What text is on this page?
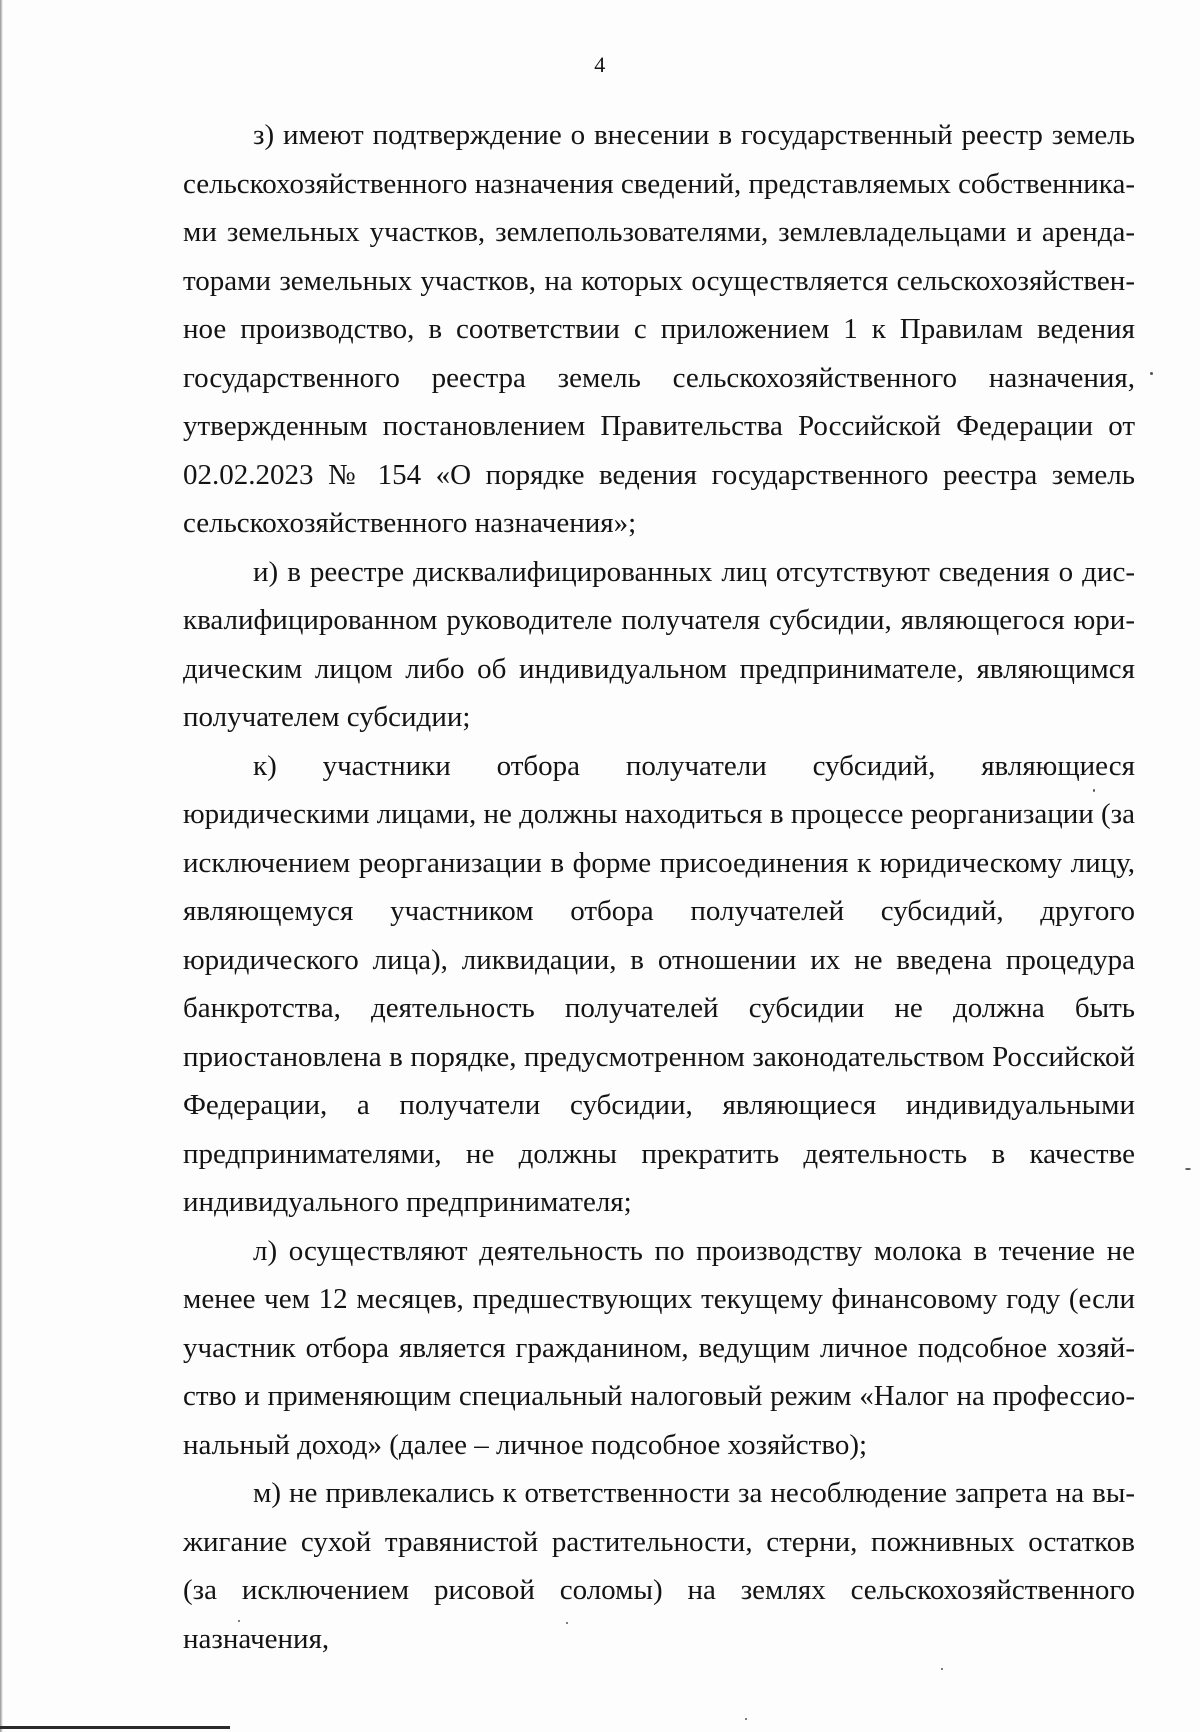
4

з) имеют подтверждение о внесении в государственный реестр земель сельскохозяйственного назначения сведений, представляемых собственниками земельных участков, землепользователями, землевладельцами и арендаторами земельных участков, на которых осуществляется сельскохозяйственное производство, в соответствии с приложением 1 к Правилам ведения государственного реестра земель сельскохозяйственного назначения, утвержденным постановлением Правительства Российской Федерации от 02.02.2023 № 154 «О порядке ведения государственного реестра земель сельскохозяйственного назначения»;

и) в реестре дисквалифицированных лиц отсутствуют сведения о дисквалифицированном руководителе получателя субсидии, являющегося юридическим лицом либо об индивидуальном предпринимателе, являющимся получателем субсидии;

к) участники отбора получатели субсидий, являющиеся юридическими лицами, не должны находиться в процессе реорганизации (за исключением реорганизации в форме присоединения к юридическому лицу, являющемуся участником отбора получателей субсидий, другого юридического лица), ликвидации, в отношении их не введена процедура банкротства, деятельность получателей субсидии не должна быть приостановлена в порядке, предусмотренном законодательством Российской Федерации, а получатели субсидии, являющиеся индивидуальными предпринимателями, не должны прекратить деятельность в качестве индивидуального предпринимателя;

л) осуществляют деятельность по производству молока в течение не менее чем 12 месяцев, предшествующих текущему финансовому году (если участник отбора является гражданином, ведущим личное подсобное хозяйство и применяющим специальный налоговый режим «Налог на профессиональный доход» (далее – личное подсобное хозяйство);

м) не привлекались к ответственности за несоблюдение запрета на выжигание сухой травянистой растительности, стерни, пожнивных остатков (за исключением рисовой соломы) на землях сельскохозяйственного назначения,
